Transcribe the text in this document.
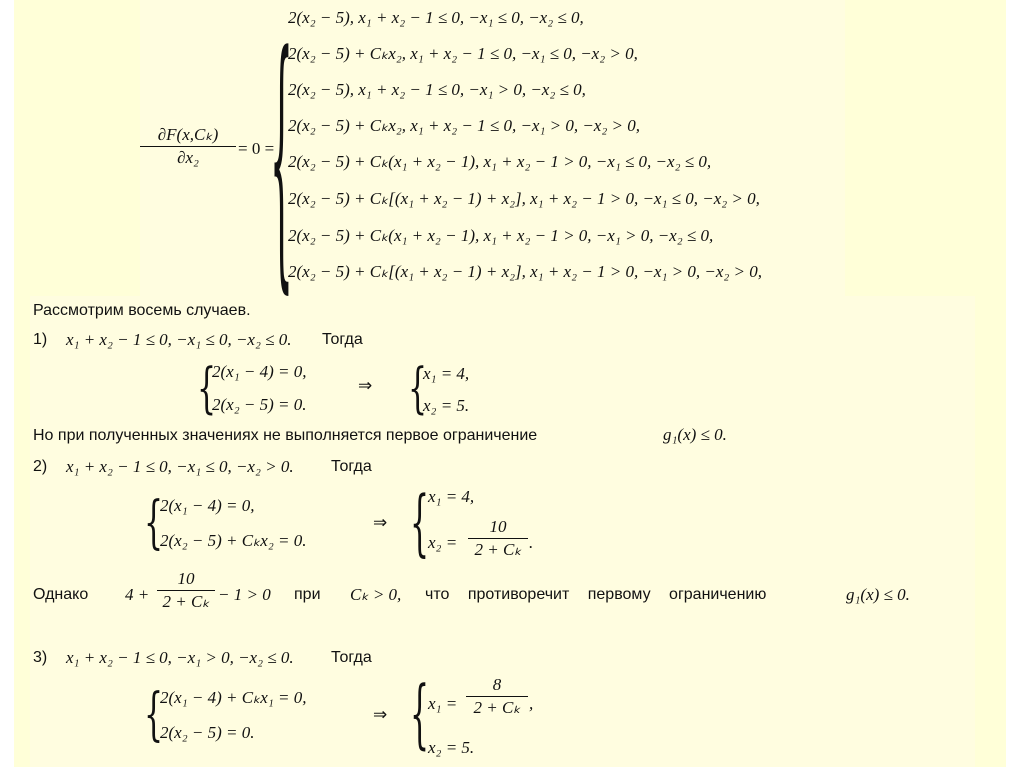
∂F(x,Cₖ)
∂x₂	= 0 =
{
2(x₂ − 5), x₁ + x₂ − 1 ≤ 0, −x₁ ≤ 0, −x₂ ≤ 0,
2(x₂ − 5) + Cₖx₂, x₁ + x₂ − 1 ≤ 0, −x₁ ≤ 0, −x₂ > 0,
2(x₂ − 5), x₁ + x₂ − 1 ≤ 0, −x₁ > 0, −x₂ ≤ 0,
2(x₂ − 5) + Cₖx₂, x₁ + x₂ − 1 ≤ 0, −x₁ > 0, −x₂ > 0,
2(x₂ − 5) + Cₖ(x₁ + x₂ − 1), x₁ + x₂ − 1 > 0, −x₁ ≤ 0, −x₂ ≤ 0,
2(x₂ − 5) + Cₖ[(x₁ + x₂ − 1) + x₂], x₁ + x₂ − 1 > 0, −x₁ ≤ 0, −x₂ > 0,
2(x₂ − 5) + Cₖ(x₁ + x₂ − 1), x₁ + x₂ − 1 > 0, −x₁ > 0, −x₂ ≤ 0,
2(x₂ − 5) + Cₖ[(x₁ + x₂ − 1) + x₂], x₁ + x₂ − 1 > 0, −x₁ > 0, −x₂ > 0,
Рассмотрим восемь случаев.
1) x₁ + x₂ − 1 ≤ 0, −x₁ ≤ 0, −x₂ ≤ 0. Тогда
{
2(x₁ − 4) = 0,
2(x₂ − 5) = 0.
⇒ {
x₁ = 4,
x₂ = 5.
Но при полученных значениях не выполняется первое ограничение	g₁(x) ≤ 0.
2) x₁ + x₂ − 1 ≤ 0, −x₁ ≤ 0, −x₂ > 0. Тогда
{
2(x₁ − 4) = 0,
2(x₂ − 5) + Cₖx₂ = 0.
⇒ {
x₁ = 4,
x₂ =
10
2 + Cₖ .
Однако 4 +
10
2 + Cₖ − 1 > 0 при Cₖ > 0, что противоречит первому ограничению	g₁(x) ≤ 0.
3) x₁ + x₂ − 1 ≤ 0, −x₁ > 0, −x₂ ≤ 0. Тогда
{
2(x₁ − 4) + Cₖx₁ = 0,
2(x₂ − 5) = 0.
⇒ {
x₁ =
8
2 + Cₖ ,
x₂ = 5.
